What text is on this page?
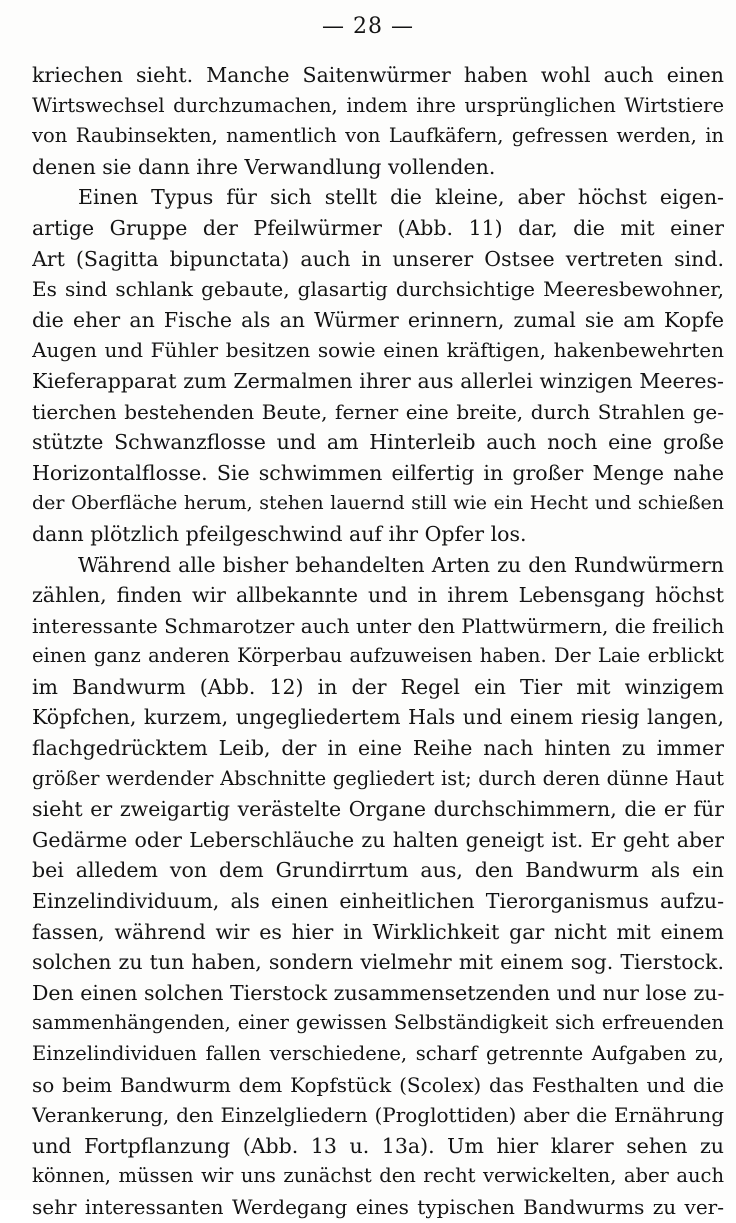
— 28 —
kriechen sieht. Manche Saitenwürmer haben wohl auch einen
Wirtswechsel durchzumachen, indem ihre ursprünglichen Wirtstiere
von Raubinsekten, namentlich von Laufkäfern, gefressen werden, in
denen sie dann ihre Verwandlung vollenden.
Einen Typus für sich stellt die kleine, aber höchst eigen-
artige Gruppe der Pfeilwürmer (Abb. 11) dar, die mit einer
Art (Sagitta bipunctata) auch in unserer Ostsee vertreten sind.
Es sind schlank gebaute, glasartig durchsichtige Meeresbewohner,
die eher an Fische als an Würmer erinnern, zumal sie am Kopfe
Augen und Fühler besitzen sowie einen kräftigen, hakenbewehrten
Kieferapparat zum Zermalmen ihrer aus allerlei winzigen Meeres-
tierchen bestehenden Beute, ferner eine breite, durch Strahlen ge-
stützte Schwanzflosse und am Hinterleib auch noch eine große
Horizontalflosse. Sie schwimmen eilfertig in großer Menge nahe
der Oberfläche herum, stehen lauernd still wie ein Hecht und schießen
dann plötzlich pfeilgeschwind auf ihr Opfer los.
Während alle bisher behandelten Arten zu den Rundwürmern
zählen, finden wir allbekannte und in ihrem Lebensgang höchst
interessante Schmarotzer auch unter den Plattwürmern, die freilich
einen ganz anderen Körperbau aufzuweisen haben. Der Laie erblickt
im Bandwurm (Abb. 12) in der Regel ein Tier mit winzigem
Köpfchen, kurzem, ungegliedertem Hals und einem riesig langen,
flachgedrücktem Leib, der in eine Reihe nach hinten zu immer
größer werdender Abschnitte gegliedert ist; durch deren dünne Haut
sieht er zweigartig verästelte Organe durchschimmern, die er für
Gedärme oder Leberschläuche zu halten geneigt ist. Er geht aber
bei alledem von dem Grundirrtum aus, den Bandwurm als ein
Einzelindividuum, als einen einheitlichen Tierorganismus aufzu-
fassen, während wir es hier in Wirklichkeit gar nicht mit einem
solchen zu tun haben, sondern vielmehr mit einem sog. Tierstock.
Den einen solchen Tierstock zusammensetzenden und nur lose zu-
sammenhängenden, einer gewissen Selbständigkeit sich erfreuenden
Einzelindividuen fallen verschiedene, scharf getrennte Aufgaben zu,
so beim Bandwurm dem Kopfstück (Scolex) das Festhalten und die
Verankerung, den Einzelgliedern (Proglottiden) aber die Ernährung
und Fortpflanzung (Abb. 13 u. 13a). Um hier klarer sehen zu
können, müssen wir uns zunächst den recht verwickelten, aber auch
sehr interessanten Werdegang eines typischen Bandwurms zu ver-
